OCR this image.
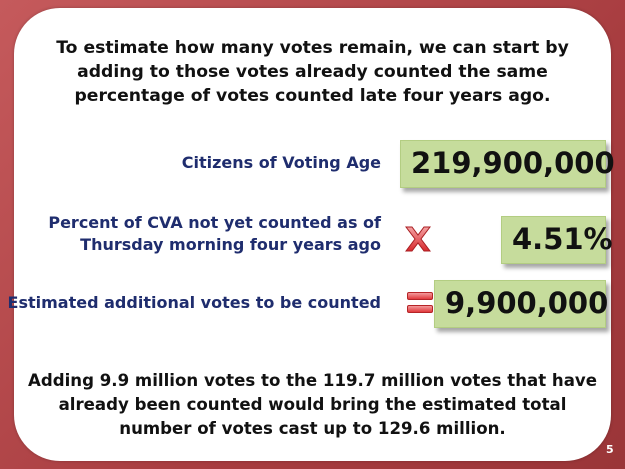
To estimate how many votes remain, we can start by adding to those votes already counted the same percentage of votes counted late four years ago.
Citizens of Voting Age	219,900,000
Percent of CVA not yet counted as of
Thursday morning four years ago	4.51%
Estimated additional votes to be counted	9,900,000
Adding 9.9 million votes to the 119.7 million votes that have already been counted would bring the estimated total number of votes cast up to 129.6 million.
5
